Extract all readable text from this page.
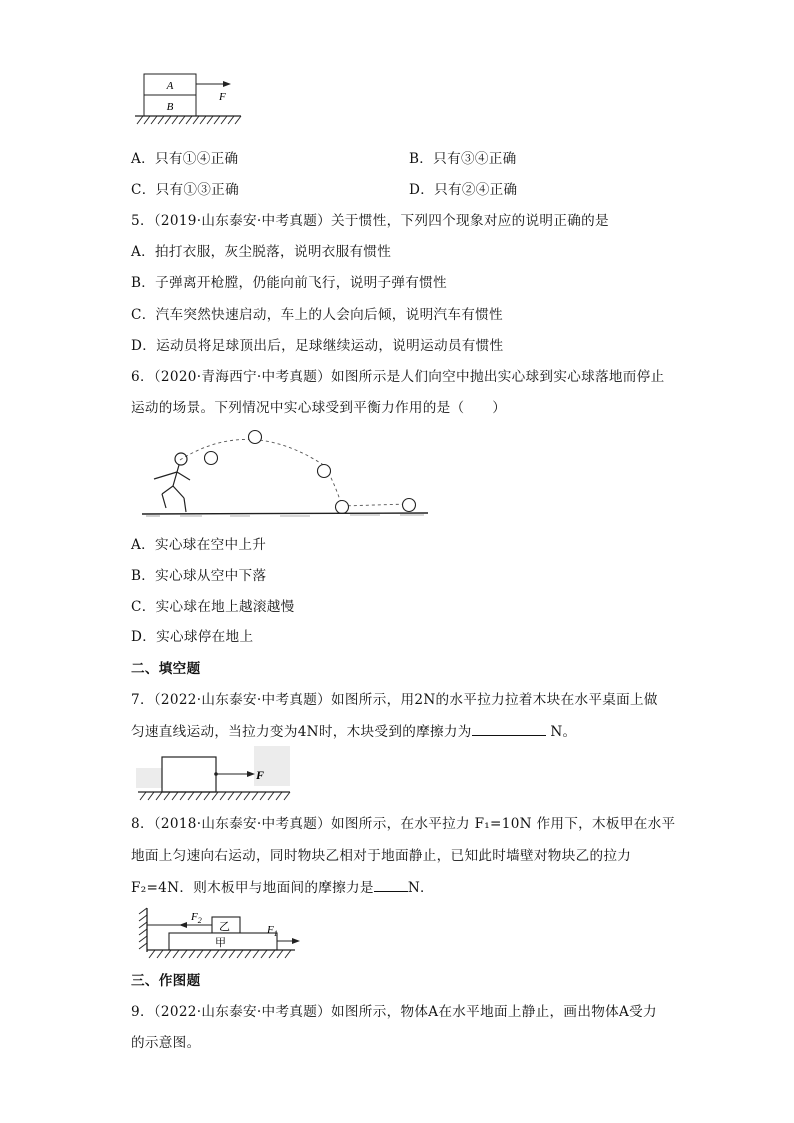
A
B
F
A．只有①④正确	B．只有③④正确
C．只有①③正确	D．只有②④正确
5．（2019·山东泰安·中考真题）关于惯性，下列四个现象对应的说明正确的是
A．拍打衣服，灰尘脱落，说明衣服有惯性
B．子弹离开枪膛，仍能向前飞行，说明子弹有惯性
C．汽车突然快速启动，车上的人会向后倾，说明汽车有惯性
D．运动员将足球顶出后，足球继续运动，说明运动员有惯性
6．（2020·青海西宁·中考真题）如图所示是人们向空中抛出实心球到实心球落地而停止
运动的场景。下列情况中实心球受到平衡力作用的是（　　）
A．实心球在空中上升
B．实心球从空中下落
C．实心球在地上越滚越慢
D．实心球停在地上
二、填空题
7．（2022·山东泰安·中考真题）如图所示，用2N的水平拉力拉着木块在水平桌面上做
匀速直线运动，当拉力变为4N时，木块受到的摩擦力为	N。
F
8．（2018·山东泰安·中考真题）如图所示，在水平拉力 F₁=10N 作用下，木板甲在水平
地面上匀速向右运动，同时物块乙相对于地面静止，已知此时墙壁对物块乙的拉力
F₂=4N．则木板甲与地面间的摩擦力是	N．
$F_2$
乙
甲
$F_1$
三、作图题
9．（2022·山东泰安·中考真题）如图所示，物体A在水平地面上静止，画出物体A受力
的示意图。
